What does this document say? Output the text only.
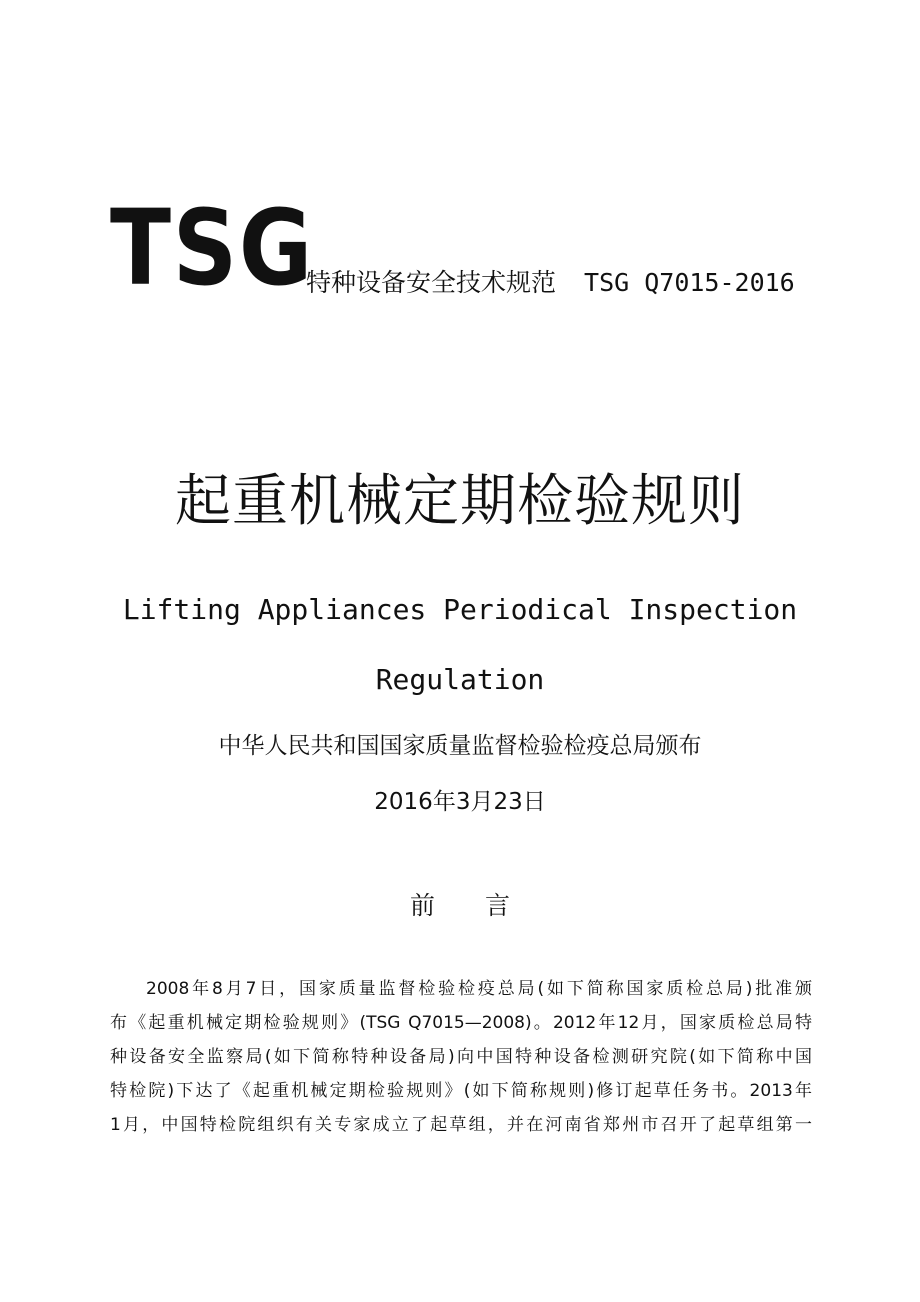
TSG
特种设备安全技术规范 TSG Q7015-2016
起重机械定期检验规则
Lifting Appliances Periodical Inspection
Regulation
中华人民共和国国家质量监督检验检疫总局颁布
2016年3月23日
前言
2008年8月7日，国家质量监督检验检疫总局(如下简称国家质检总局)批准颁
布《起重机械定期检验规则》(TSG Q7015—2008)。2012年12月，国家质检总局特
种设备安全监察局(如下简称特种设备局)向中国特种设备检测研究院(如下简称中国
特检院)下达了《起重机械定期检验规则》(如下简称规则)修订起草任务书。2013年
1月，中国特检院组织有关专家成立了起草组，并在河南省郑州市召开了起草组第一
